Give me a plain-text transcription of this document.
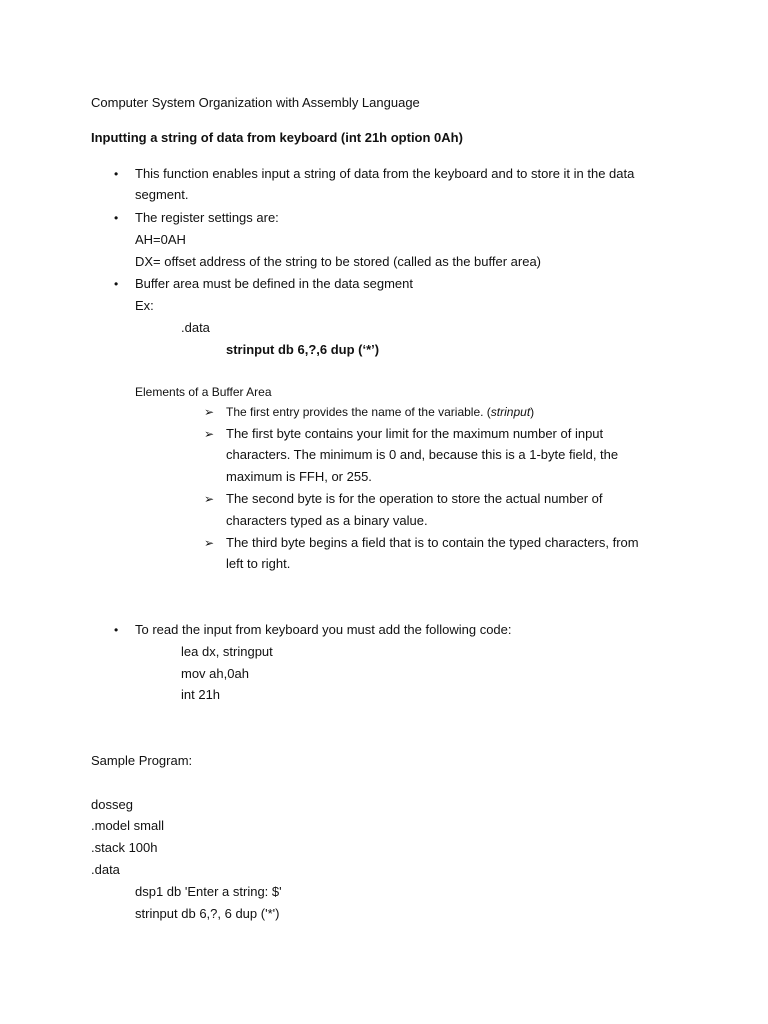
Computer System Organization with Assembly Language
Inputting a string of data from keyboard (int 21h option 0Ah)
• This function enables input a string of data from the keyboard and to store it in the data
segment.
• The register settings are:
AH=0AH
DX= offset address of the string to be stored (called as the buffer area)
• Buffer area must be defined in the data segment
Ex:
.data
strinput db 6,?,6 dup (‘*’)
Elements of a Buffer Area
➢ The first entry provides the name of the variable. (strinput)
➢ The first byte contains your limit for the maximum number of input
characters. The minimum is 0 and, because this is a 1-byte field, the
maximum is FFH, or 255.
➢ The second byte is for the operation to store the actual number of
characters typed as a binary value.
➢ The third byte begins a field that is to contain the typed characters, from
left to right.
• To read the input from keyboard you must add the following code:
lea dx, stringput
mov ah,0ah
int 21h
Sample Program:
dosseg
.model small
.stack 100h
.data
dsp1 db 'Enter a string: $'
strinput db 6,?, 6 dup ('*')
